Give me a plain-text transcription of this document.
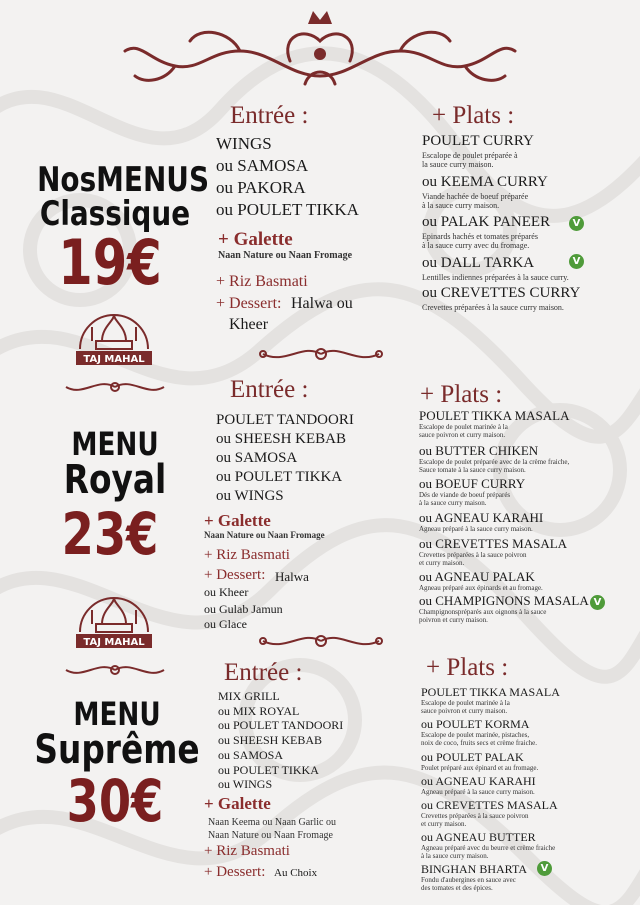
NosMENUS
Classique
19€
TAJ MAHAL
Entrée :
WINGS
ou SAMOSA
ou PAKORA
ou POULET TIKKA
+ Galette
Naan Nature ou Naan Fromage
+ Riz Basmati
+ Dessert: Halwa ou
Kheer
+ Plats :
POULET CURRY
Escalope de poulet préparée à
la sauce curry maison.
ou KEEMA CURRY
Viande hachée de boeuf préparée
à la sauce curry maison.
ou PALAK PANEER	V
Epinards hachés et tomates préparés
à la sauce curry avec du fromage.
ou DALL TARKA	V
Lentilles indiennes préparées à la sauce curry.
ou CREVETTES CURRY
Crevettes préparées à la sauce curry maison.
MENU
Royal
23€
TAJ MAHAL
Entrée :
POULET TANDOORI
ou SHEESH KEBAB
ou SAMOSA
ou POULET TIKKA
ou WINGS
+ Galette
Naan Nature ou Naan Fromage
+ Riz Basmati
+ Dessert: Halwa
ou Kheer
ou Gulab Jamun
ou Glace
+ Plats :
POULET TIKKA MASALA
Escalope de poulet marinée à la
sauce poivron et curry maison.
ou BUTTER CHIKEN
Escalope de poulet préparée avec de la crème fraiche,
Sauce tomate à la sauce curry maison.
ou BOEUF CURRY
Dés de viande de boeuf préparés
à la sauce curry maison.
ou AGNEAU KARAHI
Agneau préparé à la sauce curry maison.
ou CREVETTES MASALA
Crevettes préparées à la sauce poivron
et curry maison.
ou AGNEAU PALAK
Agneau préparé aux épinards et au fromage.
ou CHAMPIGNONS MASALA V
Champignonspréparés aux oignons à la sauce
poivron et curry maison.
MENU
Suprême
30€
Entrée :
MIX GRILL
ou MIX ROYAL
ou POULET TANDOORI
ou SHEESH KEBAB
ou SAMOSA
ou POULET TIKKA
ou WINGS
+ Galette
Naan Keema ou Naan Garlic ou
Naan Nature ou Naan Fromage
+ Riz Basmati
+ Dessert: Au Choix
+ Plats :
POULET TIKKA MASALA
Escalope de poulet marinée à la
sauce poivron et curry maison.
ou POULET KORMA
Escalope de poulet marinée, pistaches,
noix de coco, fruits secs et crème fraiche.
ou POULET PALAK
Poulet préparé aux épinard et au fromage.
ou AGNEAU KARAHI
Agneau préparé à la sauce curry maison.
ou CREVETTES MASALA
Crevettes préparées à la sauce poivron
et curry maison.
ou AGNEAU BUTTER
Agneau préparé avec du beurre et crème fraiche
à la sauce curry maison.
BINGHAN BHARTA	V
Fondu d'aubergines en sauce avec
des tomates et des épices.
